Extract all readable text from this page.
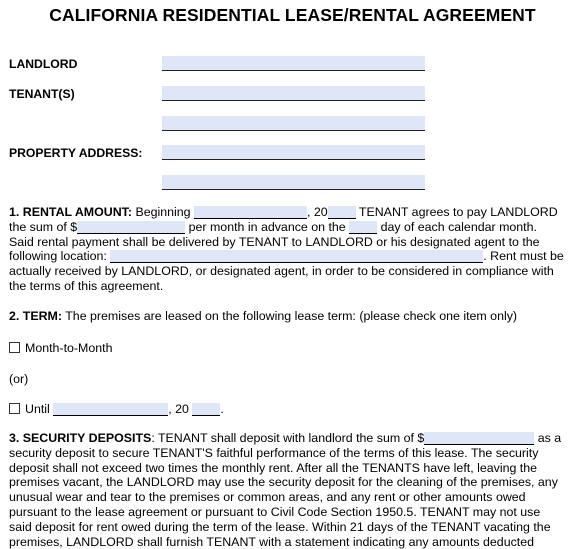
CALIFORNIA RESIDENTIAL LEASE/RENTAL AGREEMENT
LANDLORD
TENANT(S)
PROPERTY ADDRESS:
1. RENTAL AMOUNT: Beginning	, 20 TENANT agrees to pay LANDLORD
the sum of $	per month in advance on the  day of each calendar month.
Said rental payment shall be delivered by TENANT to LANDLORD or his designated agent to the
following location:	. Rent must be
actually received by LANDLORD, or designated agent, in order to be considered in compliance with
the terms of this agreement.
2. TERM: The premises are leased on the following lease term: (please check one item only)
Month-to-Month
(or)
Until	, 20	.
3. SECURITY DEPOSITS: TENANT shall deposit with landlord the sum of $	as a
security deposit to secure TENANT'S faithful performance of the terms of this lease. The security
deposit shall not exceed two times the monthly rent. After all the TENANTS have left, leaving the
premises vacant, the LANDLORD may use the security deposit for the cleaning of the premises, any
unusual wear and tear to the premises or common areas, and any rent or other amounts owed
pursuant to the lease agreement or pursuant to Civil Code Section 1950.5. TENANT may not use
said deposit for rent owed during the term of the lease. Within 21 days of the TENANT vacating the
premises, LANDLORD shall furnish TENANT with a statement indicating any amounts deducted
